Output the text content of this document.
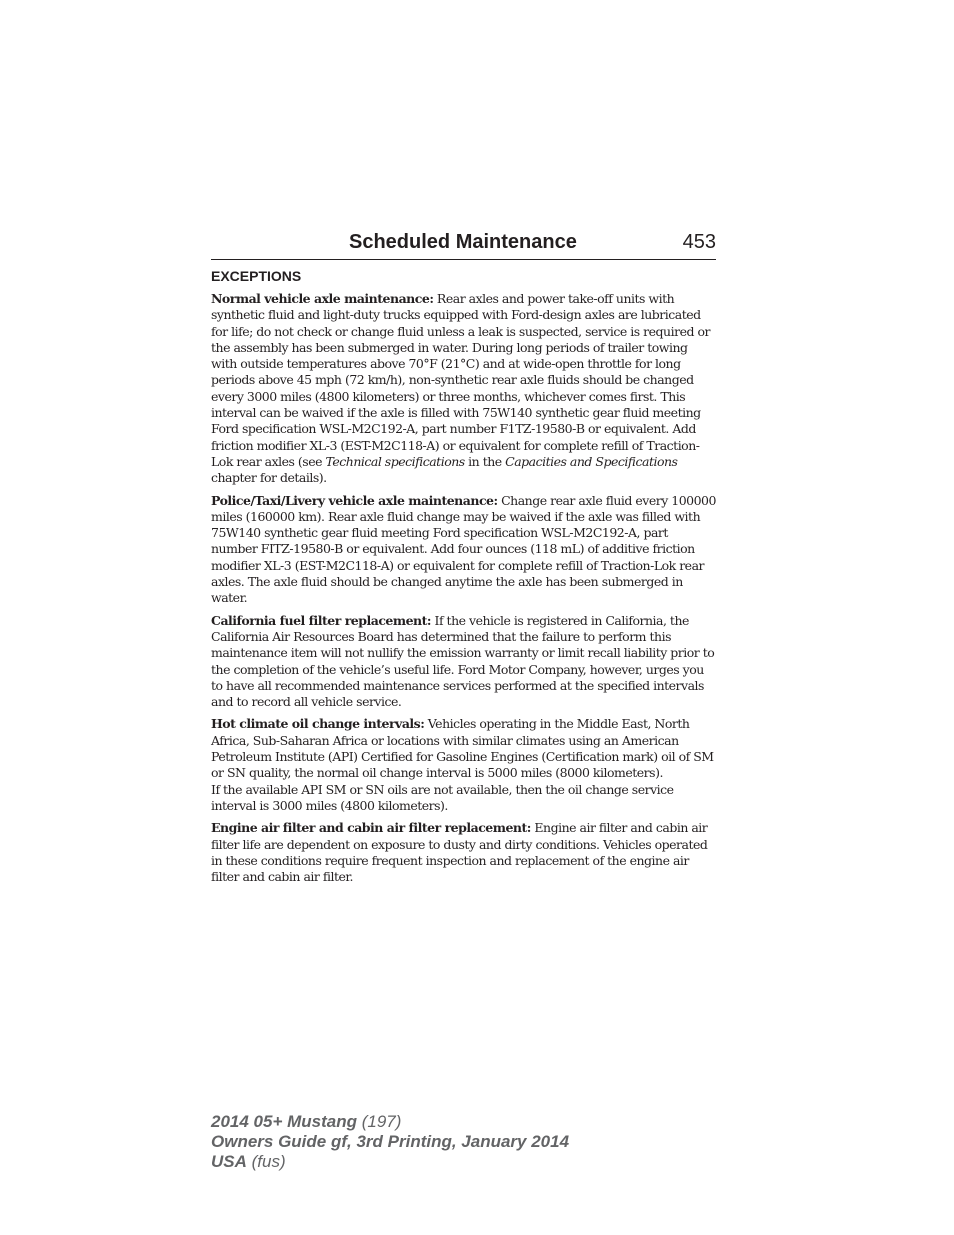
Scheduled Maintenance	453
EXCEPTIONS

Normal vehicle axle maintenance: Rear axles and power take-off units with synthetic fluid and light-duty trucks equipped with Ford-design axles are lubricated for life; do not check or change fluid unless a leak is suspected, service is required or the assembly has been submerged in water. During long periods of trailer towing with outside temperatures above 70°F (21°C) and at wide-open throttle for long periods above 45 mph (72 km/h), non-synthetic rear axle fluids should be changed every 3000 miles (4800 kilometers) or three months, whichever comes first. This interval can be waived if the axle is filled with 75W140 synthetic gear fluid meeting Ford specification WSL-M2C192-A, part number F1TZ-19580-B or equivalent. Add friction modifier XL-3 (EST-M2C118-A) or equivalent for complete refill of Traction-Lok rear axles (see Technical specifications in the Capacities and Specifications chapter for details).

Police/Taxi/Livery vehicle axle maintenance: Change rear axle fluid every 100000 miles (160000 km). Rear axle fluid change may be waived if the axle was filled with 75W140 synthetic gear fluid meeting Ford specification WSL-M2C192-A, part number FITZ-19580-B or equivalent. Add four ounces (118 mL) of additive friction modifier XL-3 (EST-M2C118-A) or equivalent for complete refill of Traction-Lok rear axles. The axle fluid should be changed anytime the axle has been submerged in water.

California fuel filter replacement: If the vehicle is registered in California, the California Air Resources Board has determined that the failure to perform this maintenance item will not nullify the emission warranty or limit recall liability prior to the completion of the vehicle’s useful life. Ford Motor Company, however, urges you to have all recommended maintenance services performed at the specified intervals and to record all vehicle service.

Hot climate oil change intervals: Vehicles operating in the Middle East, North Africa, Sub-Saharan Africa or locations with similar climates using an American Petroleum Institute (API) Certified for Gasoline Engines (Certification mark) oil of SM or SN quality, the normal oil change interval is 5000 miles (8000 kilometers).

If the available API SM or SN oils are not available, then the oil change service interval is 3000 miles (4800 kilometers).

Engine air filter and cabin air filter replacement: Engine air filter and cabin air filter life are dependent on exposure to dusty and dirty conditions. Vehicles operated in these conditions require frequent inspection and replacement of the engine air filter and cabin air filter.

2014 05+ Mustang (197)
Owners Guide gf, 3rd Printing, January 2014
USA (fus)
